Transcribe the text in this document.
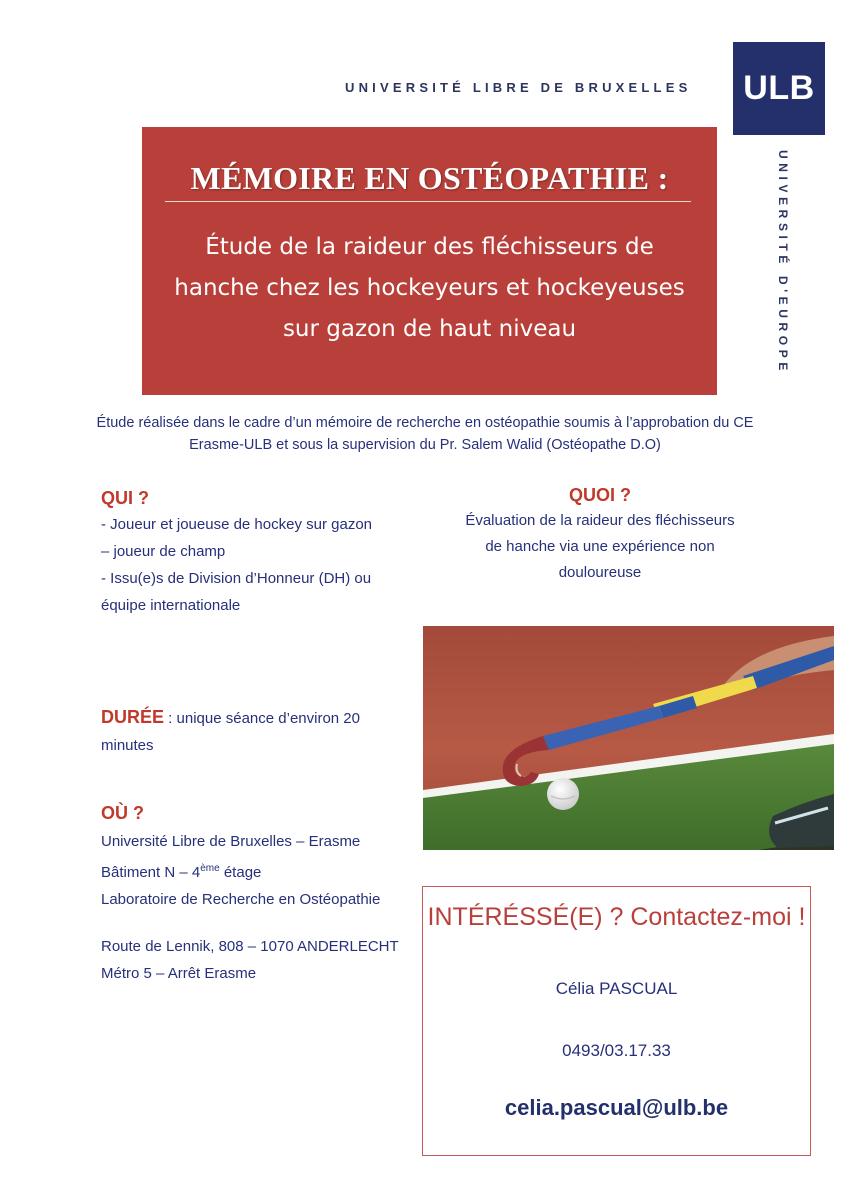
UNIVERSITÉ LIBRE DE BRUXELLES	ULB
UNIVERSITÉ D'EUROPE
MÉMOIRE EN OSTÉOPATHIE :
Étude de la raideur des fléchisseurs de
hanche chez les hockeyeurs et hockeyeuses
sur gazon de haut niveau
Étude réalisée dans le cadre d’un mémoire de recherche en ostéopathie soumis à l’approbation du CE
Erasme-ULB et sous la supervision du Pr. Salem Walid (Ostéopathe D.O)
QUI ?
- Joueur et joueuse de hockey sur gazon
– joueur de champ
- Issu(e)s de Division d’Honneur (DH) ou
équipe internationale
QUOI ?
Évaluation de la raideur des fléchisseurs
de hanche via une expérience non
douloureuse
DURÉE : unique séance d’environ 20
minutes
OÙ ?
Université Libre de Bruxelles – Erasme
Bâtiment N – 4ème étage
Laboratoire de Recherche en Ostéopathie
Route de Lennik, 808 – 1070 ANDERLECHT
Métro 5 – Arrêt Erasme
INTÉRÉSSÉ(E) ? Contactez-moi !
Célia PASCUAL
0493/03.17.33
celia.pascual@ulb.be
